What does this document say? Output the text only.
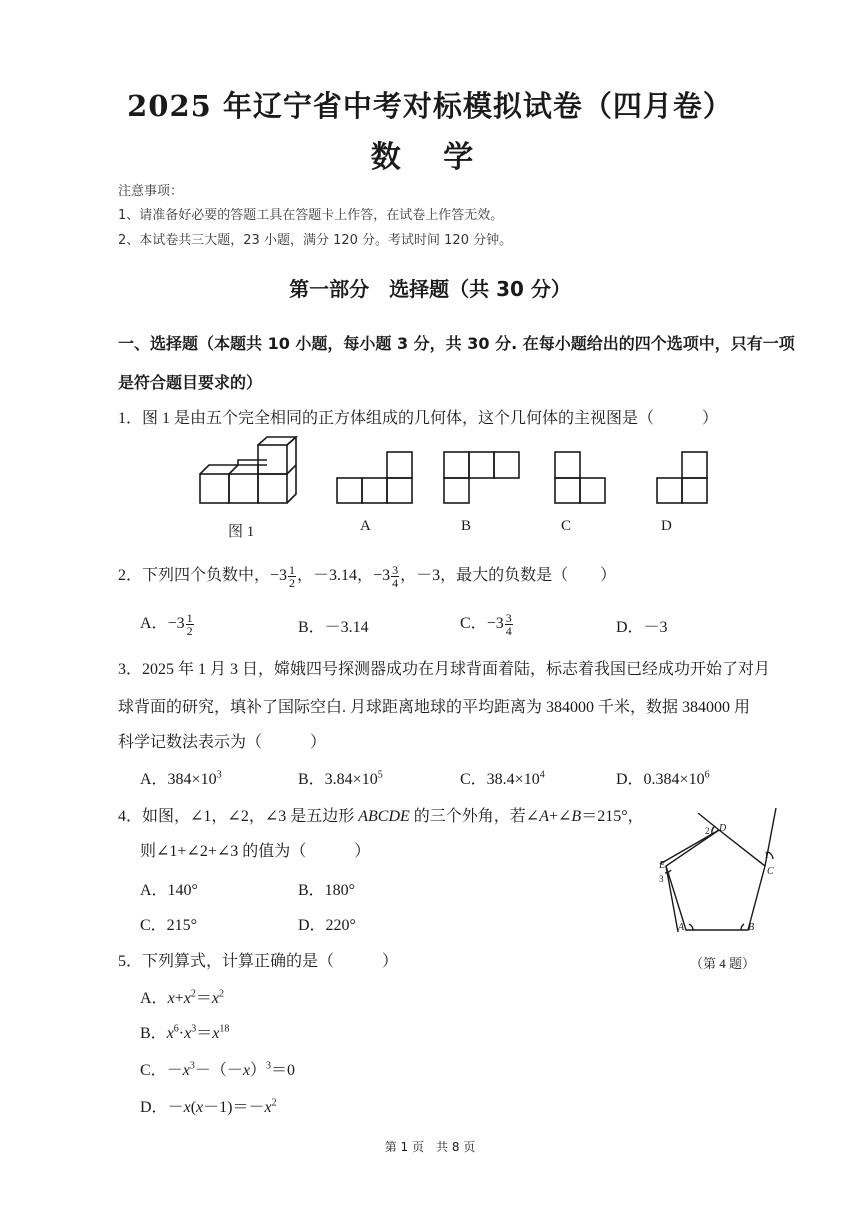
2025 年辽宁省中考对标模拟试卷（四月卷）
数 学
注意事项：
1、请准备好必要的答题工具在答题卡上作答，在试卷上作答无效。
2、本试卷共三大题，23 小题，满分 120 分。考试时间 120 分钟。
第一部分　选择题（共 30 分）
一、选择题（本题共 10 小题，每小题 3 分，共 30 分. 在每小题给出的四个选项中，只有一项
是符合题目要求的）
1．图 1 是由五个完全相同的正方体组成的几何体，这个几何体的主视图是（　　　）
图 1	A	B	C	D
2．下列四个负数中，$-3 \frac{1}{2}$ ，－3.14，$-3 \frac{3}{4}$ ，－3，最大的负数是（　　）
A．$-3 \frac{1}{2}$	B．－3.14	C．$-3 \frac{3}{4}$	D．－3
3．2025 年 1 月 3 日，嫦娥四号探测器成功在月球背面着陆，标志着我国已经成功开始了对月
球背面的研究，填补了国际空白. 月球距离地球的平均距离为 384000 千米，数据 384000 用
科学记数法表示为（　　　）
A．$384\times 10^3$	B．$3.84\times 10^5$	C．$38.4\times 10^4$	D．$0.384\times 10^6$
4．如图，∠1，∠2，∠3 是五边形 ABCDE 的三个外角，若∠A+∠B＝215°，
则∠1+∠2+∠3 的值为（　　　）
A．140°	B．180°
C．215°	D．220°
D
C
B
A
E
1
2
3
（第 4 题）
5．下列算式，计算正确的是（　　　）
A．$x+x^2=x^2$
B．$x^6\cdot x^3=x^{18}$
C．$-x^3-(-x)^3=0$
D．$-x(x-1)=-x^2$
第 1 页　共 8 页
